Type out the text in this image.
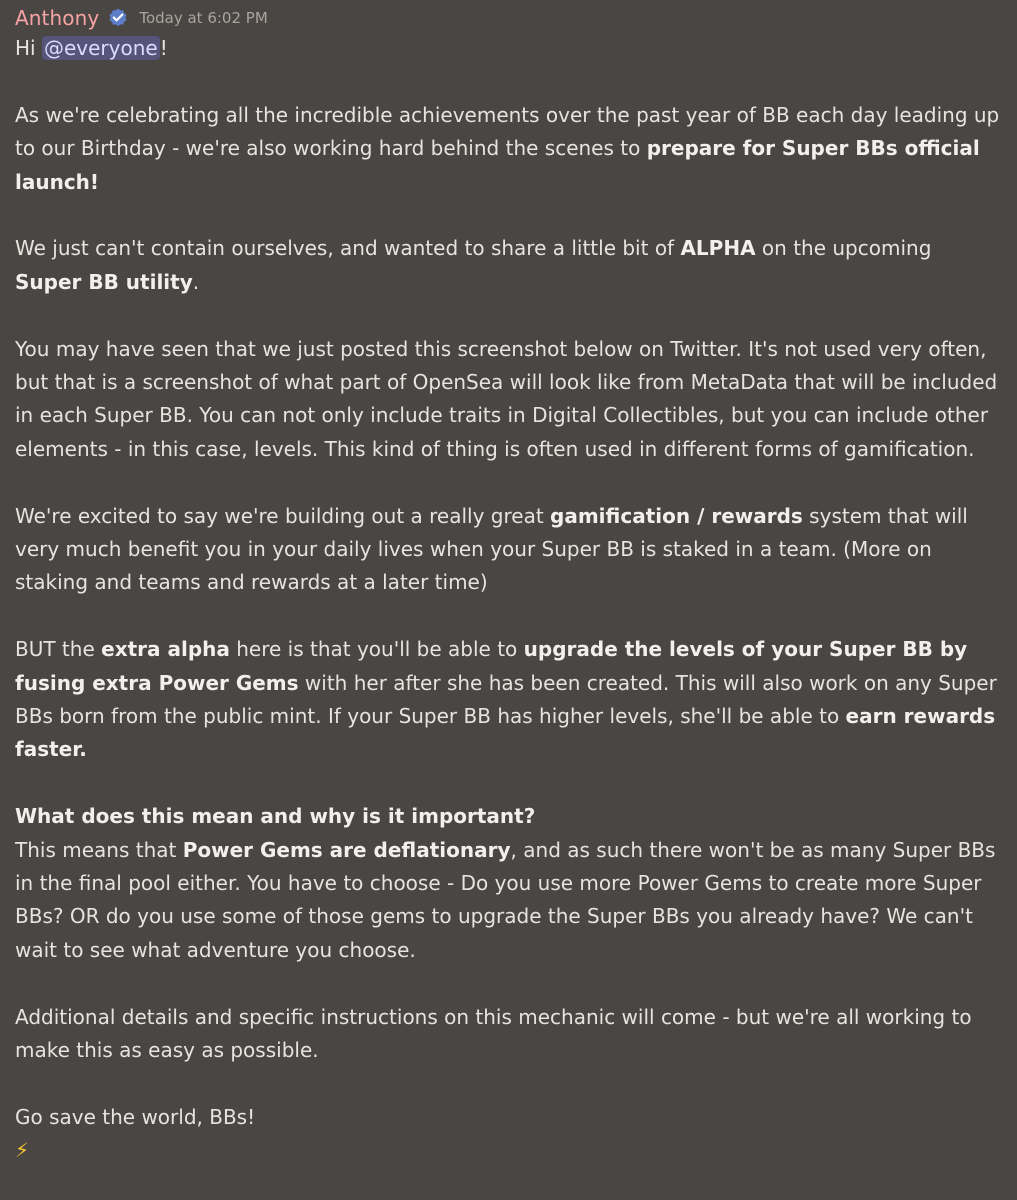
Anthony	Today at 6:02 PM

Hi @everyone !

As we're celebrating all the incredible achievements over the past year of BB each day leading up to our Birthday - we're also working hard behind the scenes to prepare for Super BBs official launch!

We just can't contain ourselves, and wanted to share a little bit of ALPHA on the upcoming Super BB utility.

You may have seen that we just posted this screenshot below on Twitter. It's not used very often, but that is a screenshot of what part of OpenSea will look like from MetaData that will be included in each Super BB. You can not only include traits in Digital Collectibles, but you can include other elements - in this case, levels. This kind of thing is often used in different forms of gamification.

We're excited to say we're building out a really great gamification / rewards system that will very much benefit you in your daily lives when your Super BB is staked in a team. (More on staking and teams and rewards at a later time)

BUT the extra alpha here is that you'll be able to upgrade the levels of your Super BB by fusing extra Power Gems with her after she has been created. This will also work on any Super BBs born from the public mint. If your Super BB has higher levels, she'll be able to earn rewards faster.

What does this mean and why is it important?

This means that Power Gems are deflationary, and as such there won't be as many Super BBs in the final pool either. You have to choose - Do you use more Power Gems to create more Super BBs? OR do you use some of those gems to upgrade the Super BBs you already have? We can't wait to see what adventure you choose.

Additional details and specific instructions on this mechanic will come - but we're all working to make this as easy as possible.

Go save the world, BBs!

⚡
